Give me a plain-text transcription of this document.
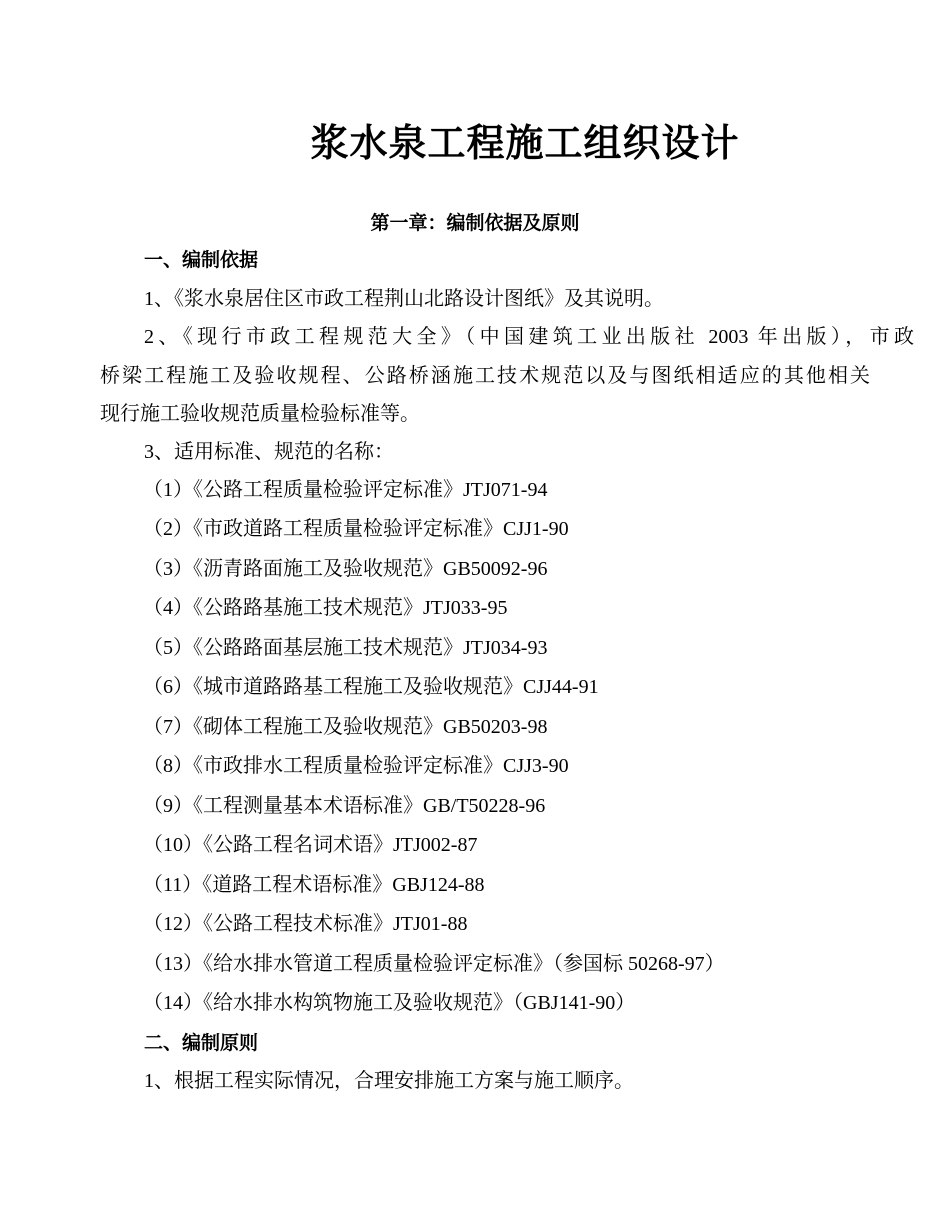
浆水泉工程施工组织设计
第一章：编制依据及原则
一、编制依据
1、《浆水泉居住区市政工程荆山北路设计图纸》及其说明。
2、《现行市政工程规范大全》（中国建筑工业出版社 2003 年出版），市政
桥梁工程施工及验收规程、公路桥涵施工技术规范以及与图纸相适应的其他相关
现行施工验收规范质量检验标准等。
3、适用标准、规范的名称：
（1）《公路工程质量检验评定标准》JTJ071-94
（2）《市政道路工程质量检验评定标准》CJJ1-90
（3）《沥青路面施工及验收规范》GB50092-96
（4）《公路路基施工技术规范》JTJ033-95
（5）《公路路面基层施工技术规范》JTJ034-93
（6）《城市道路路基工程施工及验收规范》CJJ44-91
（7）《砌体工程施工及验收规范》GB50203-98
（8）《市政排水工程质量检验评定标准》CJJ3-90
（9）《工程测量基本术语标准》GB/T50228-96
（10）《公路工程名词术语》JTJ002-87
（11）《道路工程术语标准》GBJ124-88
（12）《公路工程技术标准》JTJ01-88
（13）《给水排水管道工程质量检验评定标准》（参国标 50268-97）
（14）《给水排水构筑物施工及验收规范》（GBJ141-90）
二、编制原则
1、根据工程实际情况，合理安排施工方案与施工顺序。
